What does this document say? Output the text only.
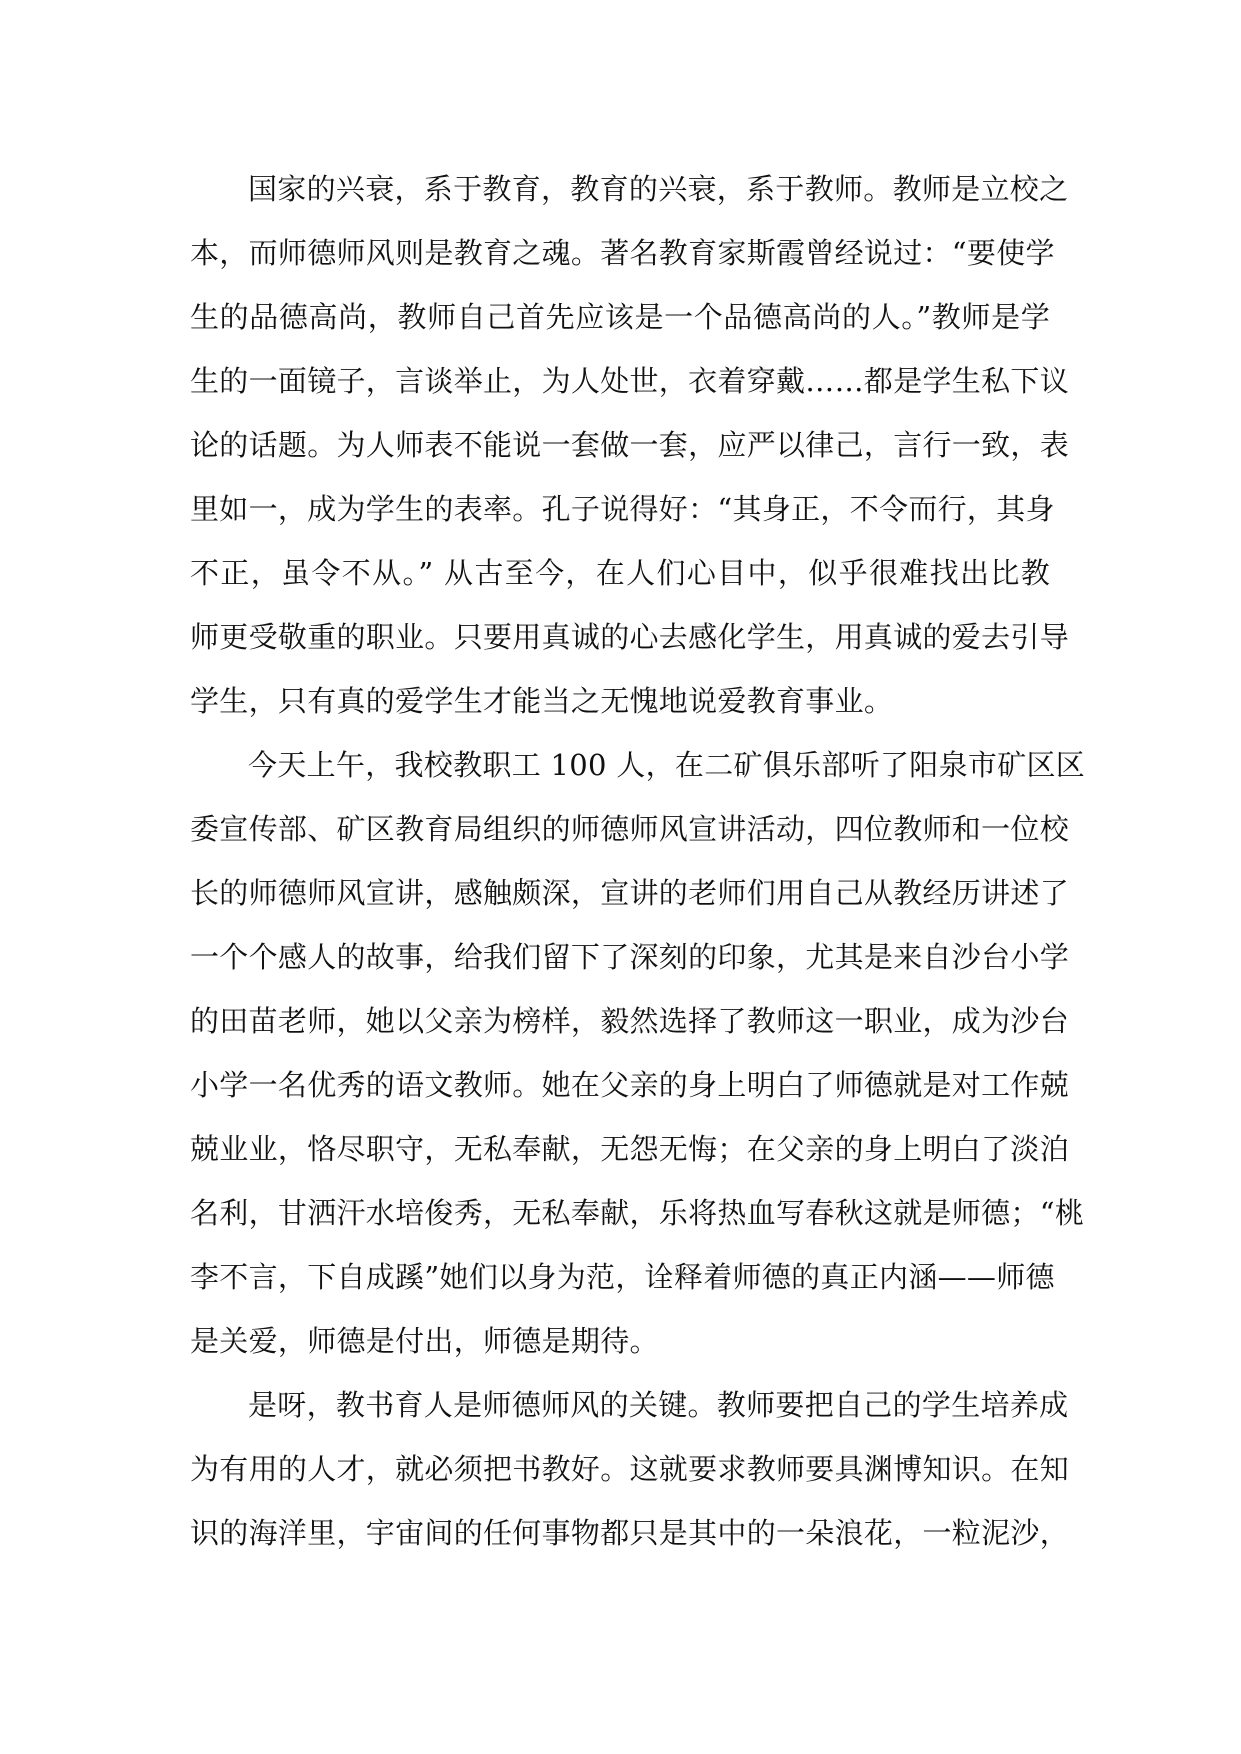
国家的兴衰，系于教育，教育的兴衰，系于教师。教师是立校之
本，而师德师风则是教育之魂。著名教育家斯霞曾经说过：“要使学
生的品德高尚，教师自己首先应该是一个品德高尚的人。”教师是学
生的一面镜子，言谈举止，为人处世，衣着穿戴……都是学生私下议
论的话题。为人师表不能说一套做一套，应严以律己，言行一致，表
里如一，成为学生的表率。孔子说得好：“其身正，不令而行，其身
不正，虽令不从。” 从古至今，在人们心目中，似乎很难找出比教
师更受敬重的职业。只要用真诚的心去感化学生，用真诚的爱去引导
学生，只有真的爱学生才能当之无愧地说爱教育事业。
今天上午，我校教职工 100 人，在二矿俱乐部听了阳泉市矿区区
委宣传部、矿区教育局组织的师德师风宣讲活动，四位教师和一位校
长的师德师风宣讲，感触颇深，宣讲的老师们用自己从教经历讲述了
一个个感人的故事，给我们留下了深刻的印象，尤其是来自沙台小学
的田苗老师，她以父亲为榜样，毅然选择了教师这一职业，成为沙台
小学一名优秀的语文教师。她在父亲的身上明白了师德就是对工作兢
兢业业，恪尽职守，无私奉献，无怨无悔；在父亲的身上明白了淡泊
名利，甘洒汗水培俊秀，无私奉献，乐将热血写春秋这就是师德；“桃
李不言，下自成蹊”她们以身为范，诠释着师德的真正内涵——师德
是关爱，师德是付出，师德是期待。
是呀，教书育人是师德师风的关键。教师要把自己的学生培养成
为有用的人才，就必须把书教好。这就要求教师要具渊博知识。在知
识的海洋里，宇宙间的任何事物都只是其中的一朵浪花，一粒泥沙，
